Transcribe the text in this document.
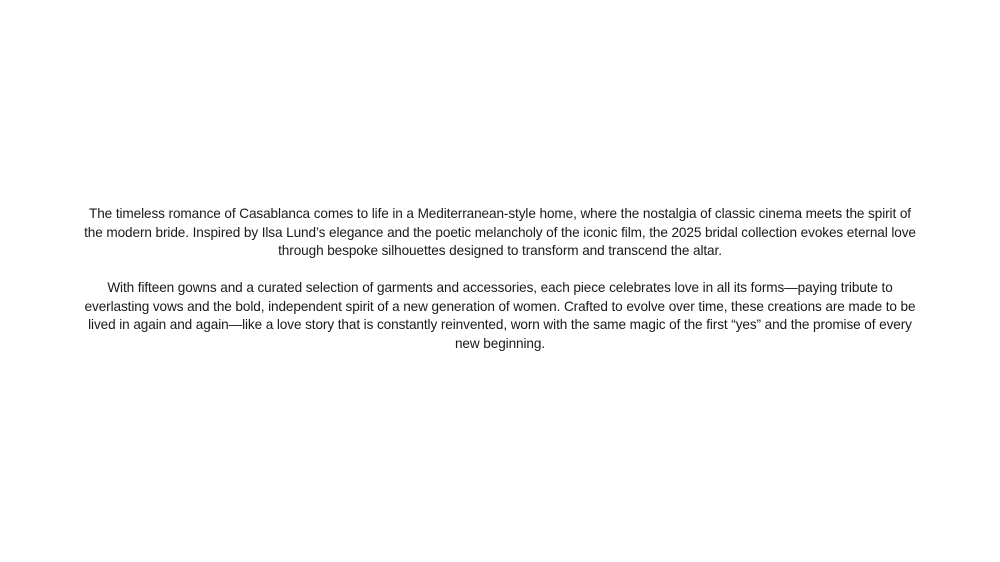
The timeless romance of Casablanca comes to life in a Mediterranean-style home, where the nostalgia of classic cinema meets the spirit of the modern bride. Inspired by Ilsa Lund’s elegance and the poetic melancholy of the iconic film, the 2025 bridal collection evokes eternal love through bespoke silhouettes designed to transform and transcend the altar.

With fifteen gowns and a curated selection of garments and accessories, each piece celebrates love in all its forms—paying tribute to everlasting vows and the bold, independent spirit of a new generation of women. Crafted to evolve over time, these creations are made to be lived in again and again—like a love story that is constantly reinvented, worn with the same magic of the first “yes” and the promise of every new beginning.
